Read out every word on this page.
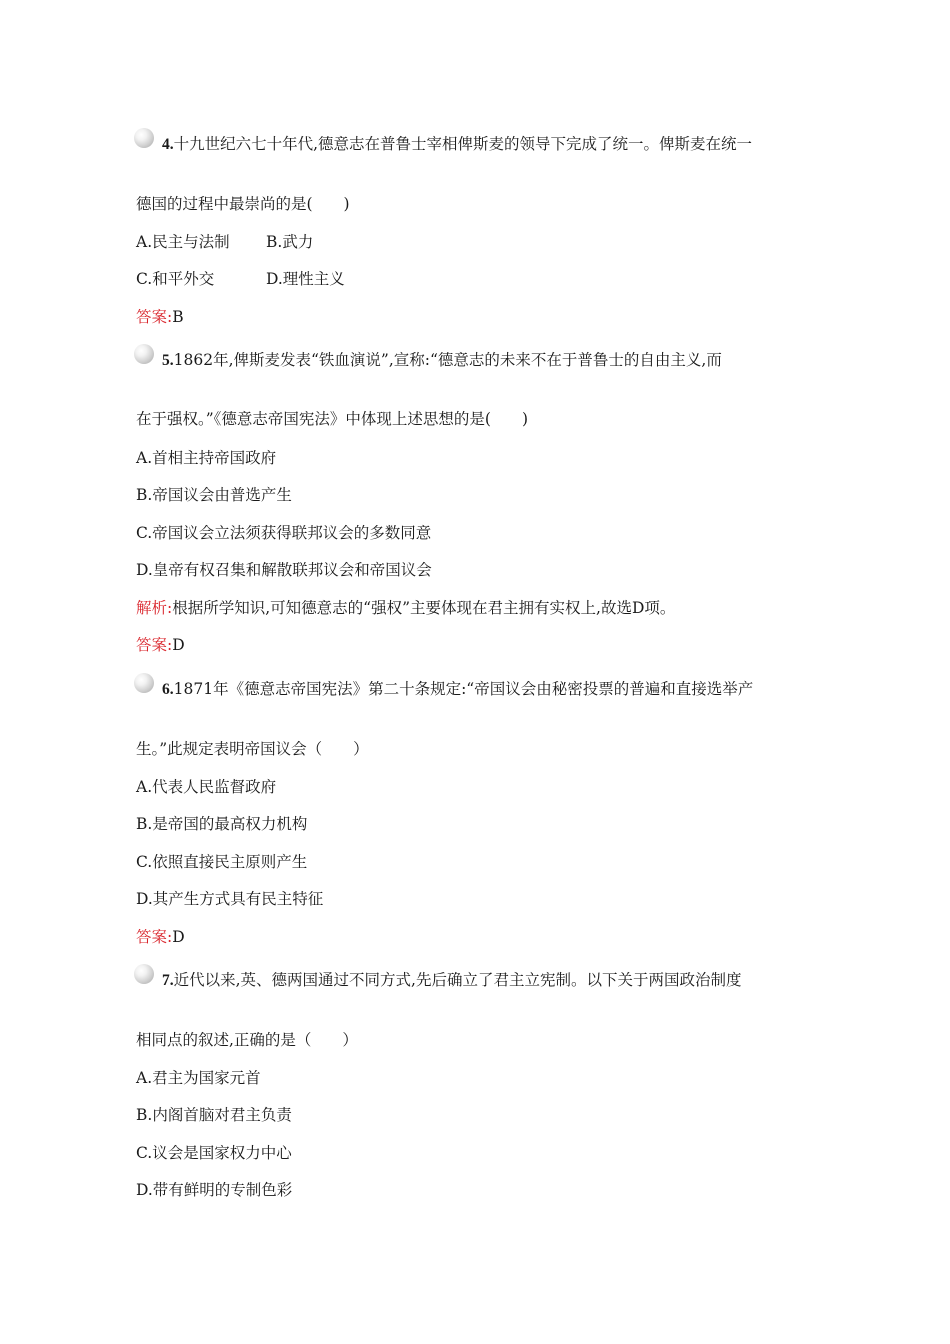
4.十九世纪六七十年代,德意志在普鲁士宰相俾斯麦的领导下完成了统一。俾斯麦在统一
德国的过程中最崇尚的是(　　)
A.民主与法制 B.武力
C.和平外交	D.理性主义
答案:B
5.1862年,俾斯麦发表“铁血演说”,宣称:“德意志的未来不在于普鲁士的自由主义,而
在于强权。”《德意志帝国宪法》中体现上述思想的是(　　)
A.首相主持帝国政府
B.帝国议会由普选产生
C.帝国议会立法须获得联邦议会的多数同意
D.皇帝有权召集和解散联邦议会和帝国议会
解析:根据所学知识,可知德意志的“强权”主要体现在君主拥有实权上,故选D项。
答案:D
6.1871年《德意志帝国宪法》第二十条规定:“帝国议会由秘密投票的普遍和直接选举产
生。”此规定表明帝国议会（　　）
A.代表人民监督政府
B.是帝国的最高权力机构
C.依照直接民主原则产生
D.其产生方式具有民主特征
答案:D
7.近代以来,英、德两国通过不同方式,先后确立了君主立宪制。以下关于两国政治制度
相同点的叙述,正确的是（　　）
A.君主为国家元首
B.内阁首脑对君主负责
C.议会是国家权力中心
D.带有鲜明的专制色彩
